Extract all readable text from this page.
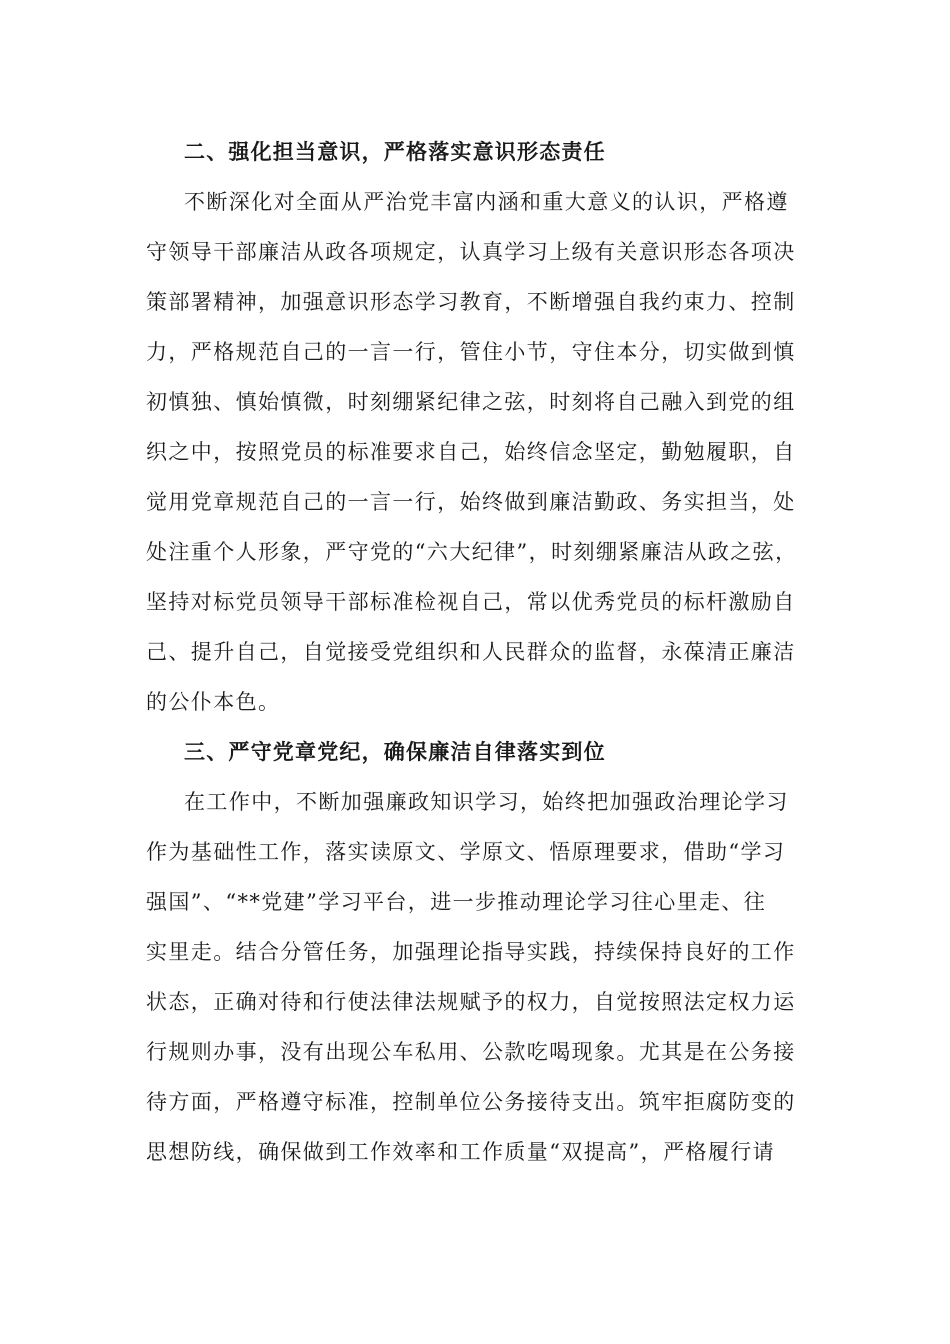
二、强化担当意识，严格落实意识形态责任
不断深化对全面从严治党丰富内涵和重大意义的认识，严格遵
守领导干部廉洁从政各项规定，认真学习上级有关意识形态各项决
策部署精神，加强意识形态学习教育，不断增强自我约束力、控制
力，严格规范自己的一言一行，管住小节，守住本分，切实做到慎
初慎独、慎始慎微，时刻绷紧纪律之弦，时刻将自己融入到党的组
织之中，按照党员的标准要求自己，始终信念坚定，勤勉履职，自
觉用党章规范自己的一言一行，始终做到廉洁勤政、务实担当，处
处注重个人形象，严守党的“六大纪律”，时刻绷紧廉洁从政之弦，
坚持对标党员领导干部标准检视自己，常以优秀党员的标杆激励自
己、提升自己，自觉接受党组织和人民群众的监督，永葆清正廉洁
的公仆本色。
三、严守党章党纪，确保廉洁自律落实到位
在工作中，不断加强廉政知识学习，始终把加强政治理论学习
作为基础性工作，落实读原文、学原文、悟原理要求，借助“学习
强国”、“**党建”学习平台，进一步推动理论学习往心里走、往
实里走。结合分管任务，加强理论指导实践，持续保持良好的工作
状态，正确对待和行使法律法规赋予的权力，自觉按照法定权力运
行规则办事，没有出现公车私用、公款吃喝现象。尤其是在公务接
待方面，严格遵守标准，控制单位公务接待支出。筑牢拒腐防变的
思想防线，确保做到工作效率和工作质量“双提高”，严格履行请
